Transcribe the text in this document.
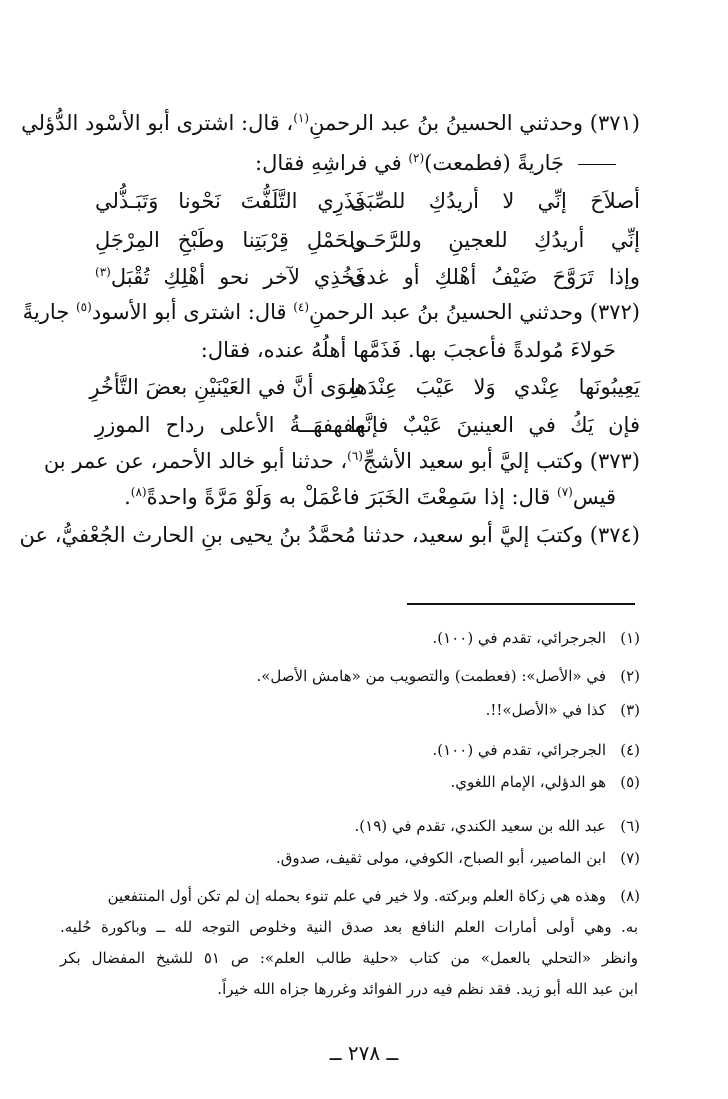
(٣٧١) وحدثني الحسينُ بنُ عبد الرحمنِ$^{(١)}$، قال: اشترى أبو الأسْود الدُّؤلي
جَاريةً (فطمعت)$^{(٢)}$ في فراشِهِ فقال:
أصلاَحَ إنِّي لا أريدُكِ للصِّبَى
فَذَرِي التَّلَفُّتَ نَحْونا وَتَبَـذُّلي
إنِّي أريدُكِ للعجينِ وللرَّحَـى
ولحَمْلِ قِرْبَتِنا وطَبْخِ المِرْجَلِ
وإذا تَرَوَّحَ ضَيْفُ أهْلكِ أو غدى
فَخُذِي لآخر نحو أهْلِكِ تُقْبَل$^{(٣)}$
(٣٧٢) وحدثني الحسينُ بنُ عبد الرحمنِ$^{(٤)}$ قال: اشترى أبو الأسود$^{(٥)}$ جاريةً
حَولاءَ مُولدةً فأعجبَ بها. فَذَمَّها أهلُهُ عنده، فقال:
يَعِيبُونَها عِنْدي وَلا عَيْبَ عِنْدَها
سِوَى أنَّ في العَيْنَيْنِ بعضَ التَّأخُرِ
فإن يَكُ في العينينَ عَيْبٌ فإنَّها
مفهفهَــةُ الأعلى رداح الموزرِ
(٣٧٣) وكتب إليَّ أبو سعيد الأشجِّ$^{(٦)}$، حدثنا أبو خالد الأحمر، عن عمر بن
قيس$^{(٧)}$ قال: إذا سَمِعْتَ الخَبَرَ فاعْمَلْ به وَلَوْ مَرَّةً واحدةً$^{(٨)}$.
(٣٧٤) وكتبَ إليَّ أبو سعيد، حدثنا مُحمَّدُ بنُ يحيى بنِ الحارث الجُعْفيُّ، عن
(١)الجرجرائي، تقدم في (١٠٠).
(٢)في «الأصل»: (فعطمت) والتصويب من «هامش الأصل».
(٣)كذا في «الأصل»!!.
(٤)الجرجرائي، تقدم في (١٠٠).
(٥)هو الدؤلي، الإمام اللغوي.
(٦)عبد الله بن سعيد الكندي، تقدم في (١٩).
(٧)ابن الماصير، أبو الصباح، الكوفي، مولى ثقيف، صدوق.
(٨)وهذه هي زكاة العلم وبركته. ولا خير في علم تنوء بحمله إن لم تكن أول المنتفعين
به. وهي أولى أمارات العلم النافع بعد صدق النية وخلوص التوجه لله ــ وباكورة حُليه.
وانظر «التحلي بالعمل» من كتاب «حلية طالب العلم»: ص ٥١ للشيخ المفضال بكر
ابن عبد الله أبو زيد. فقد نظم فيه درر الفوائد وغررها جزاه الله خيراً.
ــ ٢٧٨ ــ
